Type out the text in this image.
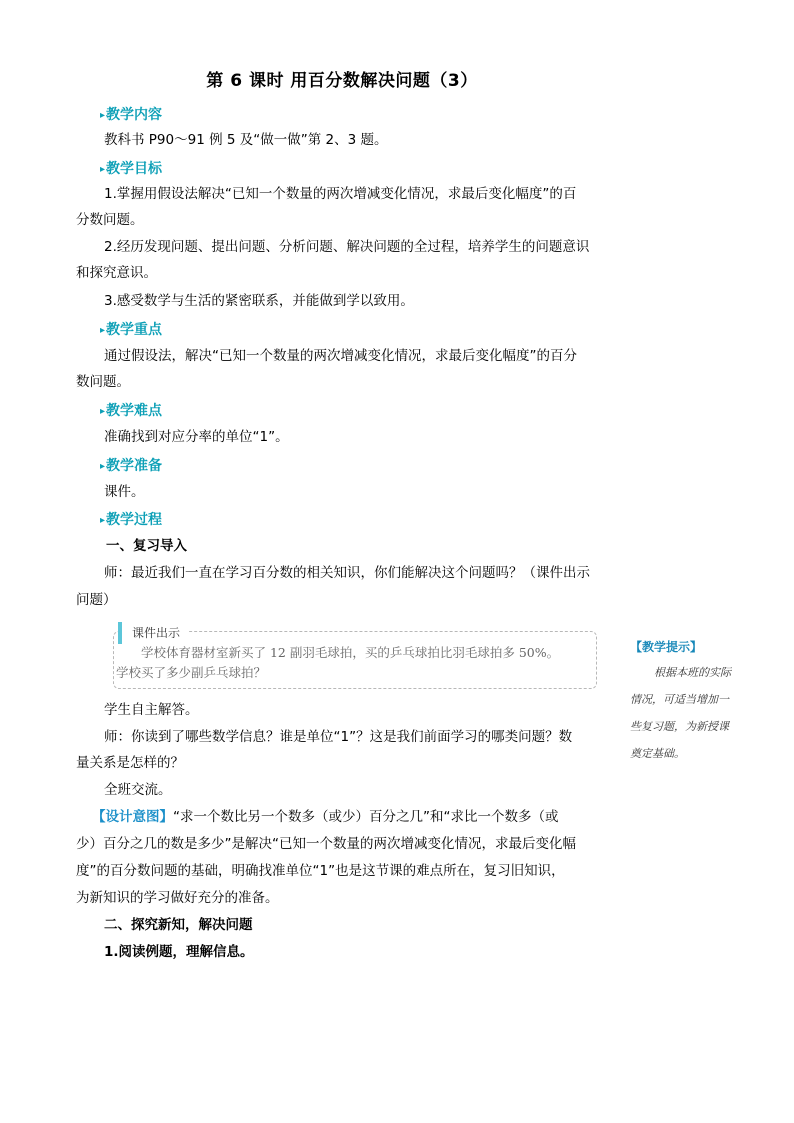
第 6 课时 用百分数解决问题（3）
▸教学内容
教科书 P90～91 例 5 及“做一做”第 2、3 题。
▸教学目标
1.掌握用假设法解决“已知一个数量的两次增减变化情况，求最后变化幅度”的百
分数问题。
2.经历发现问题、提出问题、分析问题、解决问题的全过程，培养学生的问题意识
和探究意识。
3.感受数学与生活的紧密联系，并能做到学以致用。
▸教学重点
通过假设法，解决“已知一个数量的两次增减变化情况，求最后变化幅度”的百分
数问题。
▸教学难点
准确找到对应分率的单位“1”。
▸教学准备
课件。
▸教学过程
一、复习导入
师：最近我们一直在学习百分数的相关知识，你们能解决这个问题吗？（课件出示
问题）
课件出示
学校体育器材室新买了 12 副羽毛球拍，买的乒乓球拍比羽毛球拍多 50%。
学校买了多少副乒乓球拍？
学生自主解答。
师：你读到了哪些数学信息？谁是单位“1”？这是我们前面学习的哪类问题？数
量关系是怎样的？
全班交流。
【设计意图】“求一个数比另一个数多（或少）百分之几”和“求比一个数多（或
少）百分之几的数是多少”是解决“已知一个数量的两次增减变化情况，求最后变化幅
度”的百分数问题的基础，明确找准单位“1”也是这节课的难点所在，复习旧知识，
为新知识的学习做好充分的准备。
二、探究新知，解决问题
1.阅读例题，理解信息。
【教学提示】
根据本班的实际
情况，可适当增加一
些复习题，为新授课
奠定基础。
